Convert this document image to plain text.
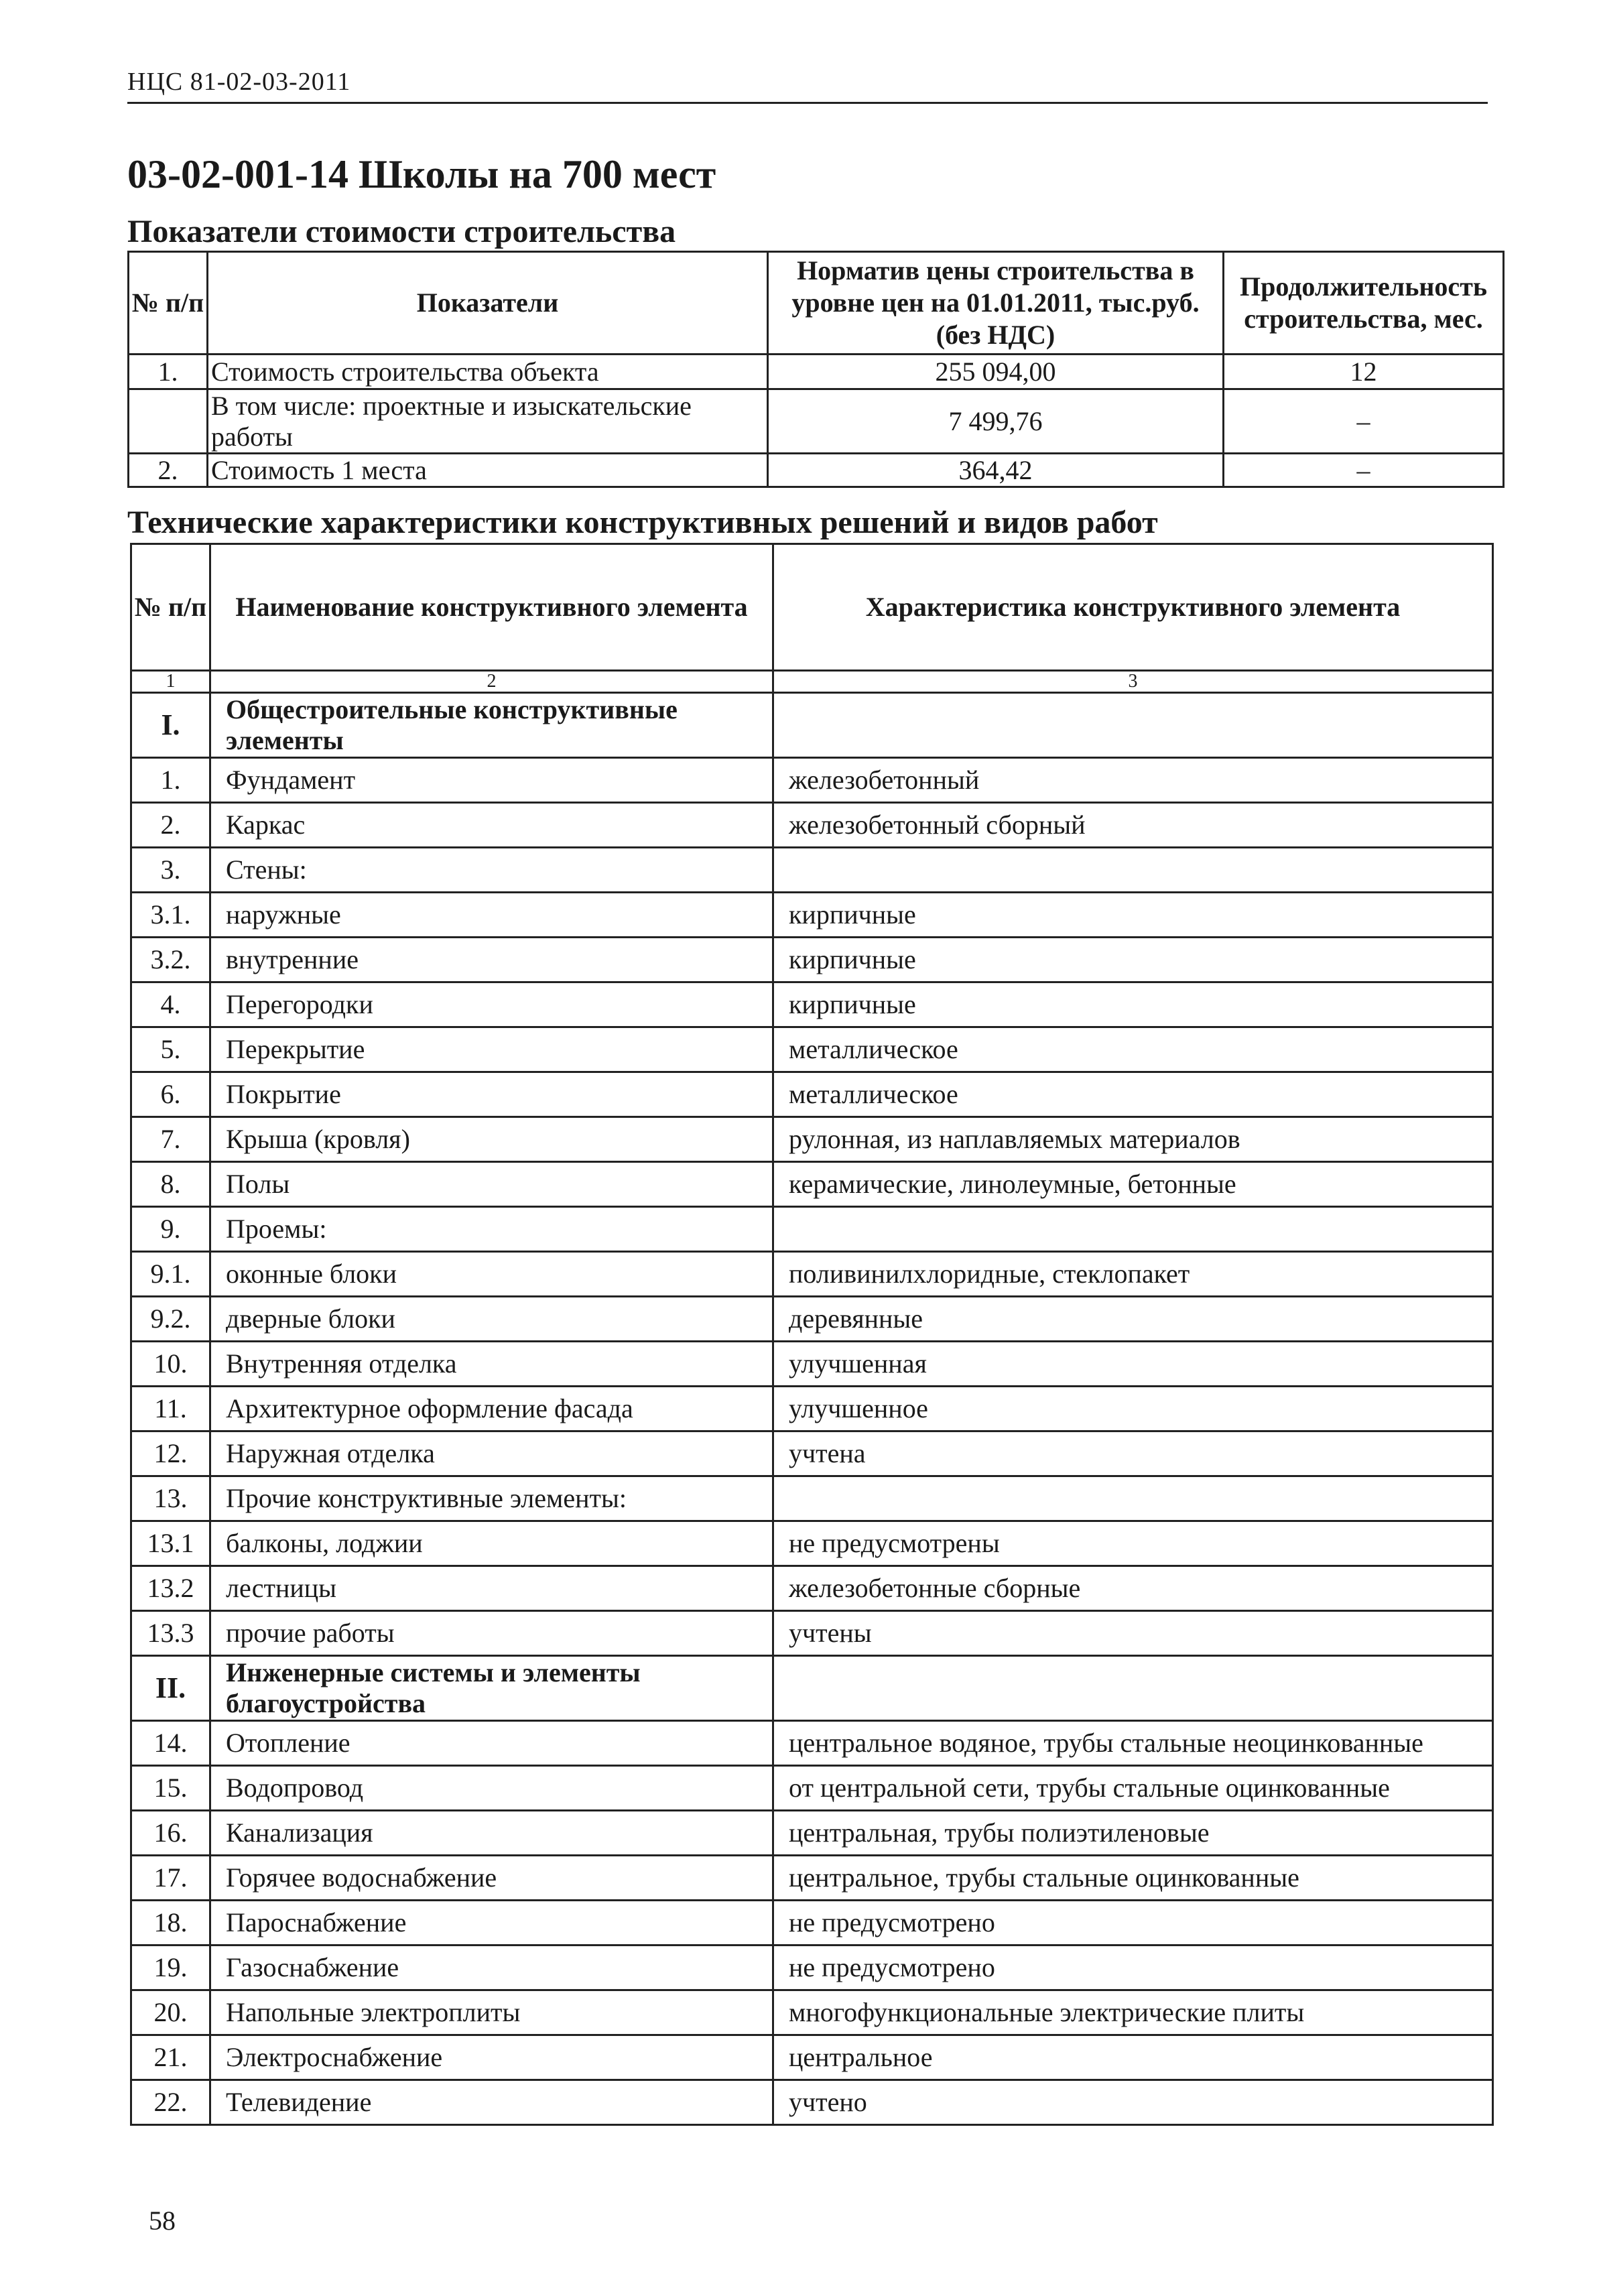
НЦС 81-02-03-2011
03-02-001-14 Школы на 700 мест
Показатели стоимости строительства
№ п/п	Показатели	Норматив цены строительства в уровне цен на 01.01.2011, тыс.руб. (без НДС)	Продолжительность строительства, мес.
1.	Стоимость строительства объекта	255 094,00	12
	В том числе: проектные и изыскательские работы	7 499,76	–
2.	Стоимость 1 места	364,42	–
Технические характеристики конструктивных решений и видов работ
№ п/п	Наименование конструктивного элемента	Характеристика конструктивного элемента
1	2	3
I.	Общестроительные конструктивные элементы	
1.	Фундамент	железобетонный
2.	Каркас	железобетонный сборный
3.	Стены:	
3.1.	наружные	кирпичные
3.2.	внутренние	кирпичные
4.	Перегородки	кирпичные
5.	Перекрытие	металлическое
6.	Покрытие	металлическое
7.	Крыша (кровля)	рулонная, из наплавляемых материалов
8.	Полы	керамические, линолеумные, бетонные
9.	Проемы:	
9.1.	оконные блоки	поливинилхлоридные, стеклопакет
9.2.	дверные блоки	деревянные
10.	Внутренняя отделка	улучшенная
11.	Архитектурное оформление фасада	улучшенное
12.	Наружная отделка	учтена
13.	Прочие конструктивные элементы:	
13.1	балконы, лоджии	не предусмотрены
13.2	лестницы	железобетонные сборные
13.3	прочие работы	учтены
II.	Инженерные системы и элементы благоустройства	
14.	Отопление	центральное водяное, трубы стальные неоцинкованные
15.	Водопровод	от центральной сети, трубы стальные оцинкованные
16.	Канализация	центральная, трубы полиэтиленовые
17.	Горячее водоснабжение	центральное, трубы стальные оцинкованные
18.	Пароснабжение	не предусмотрено
19.	Газоснабжение	не предусмотрено
20.	Напольные электроплиты	многофункциональные электрические плиты
21.	Электроснабжение	центральное
22.	Телевидение	учтено
58
